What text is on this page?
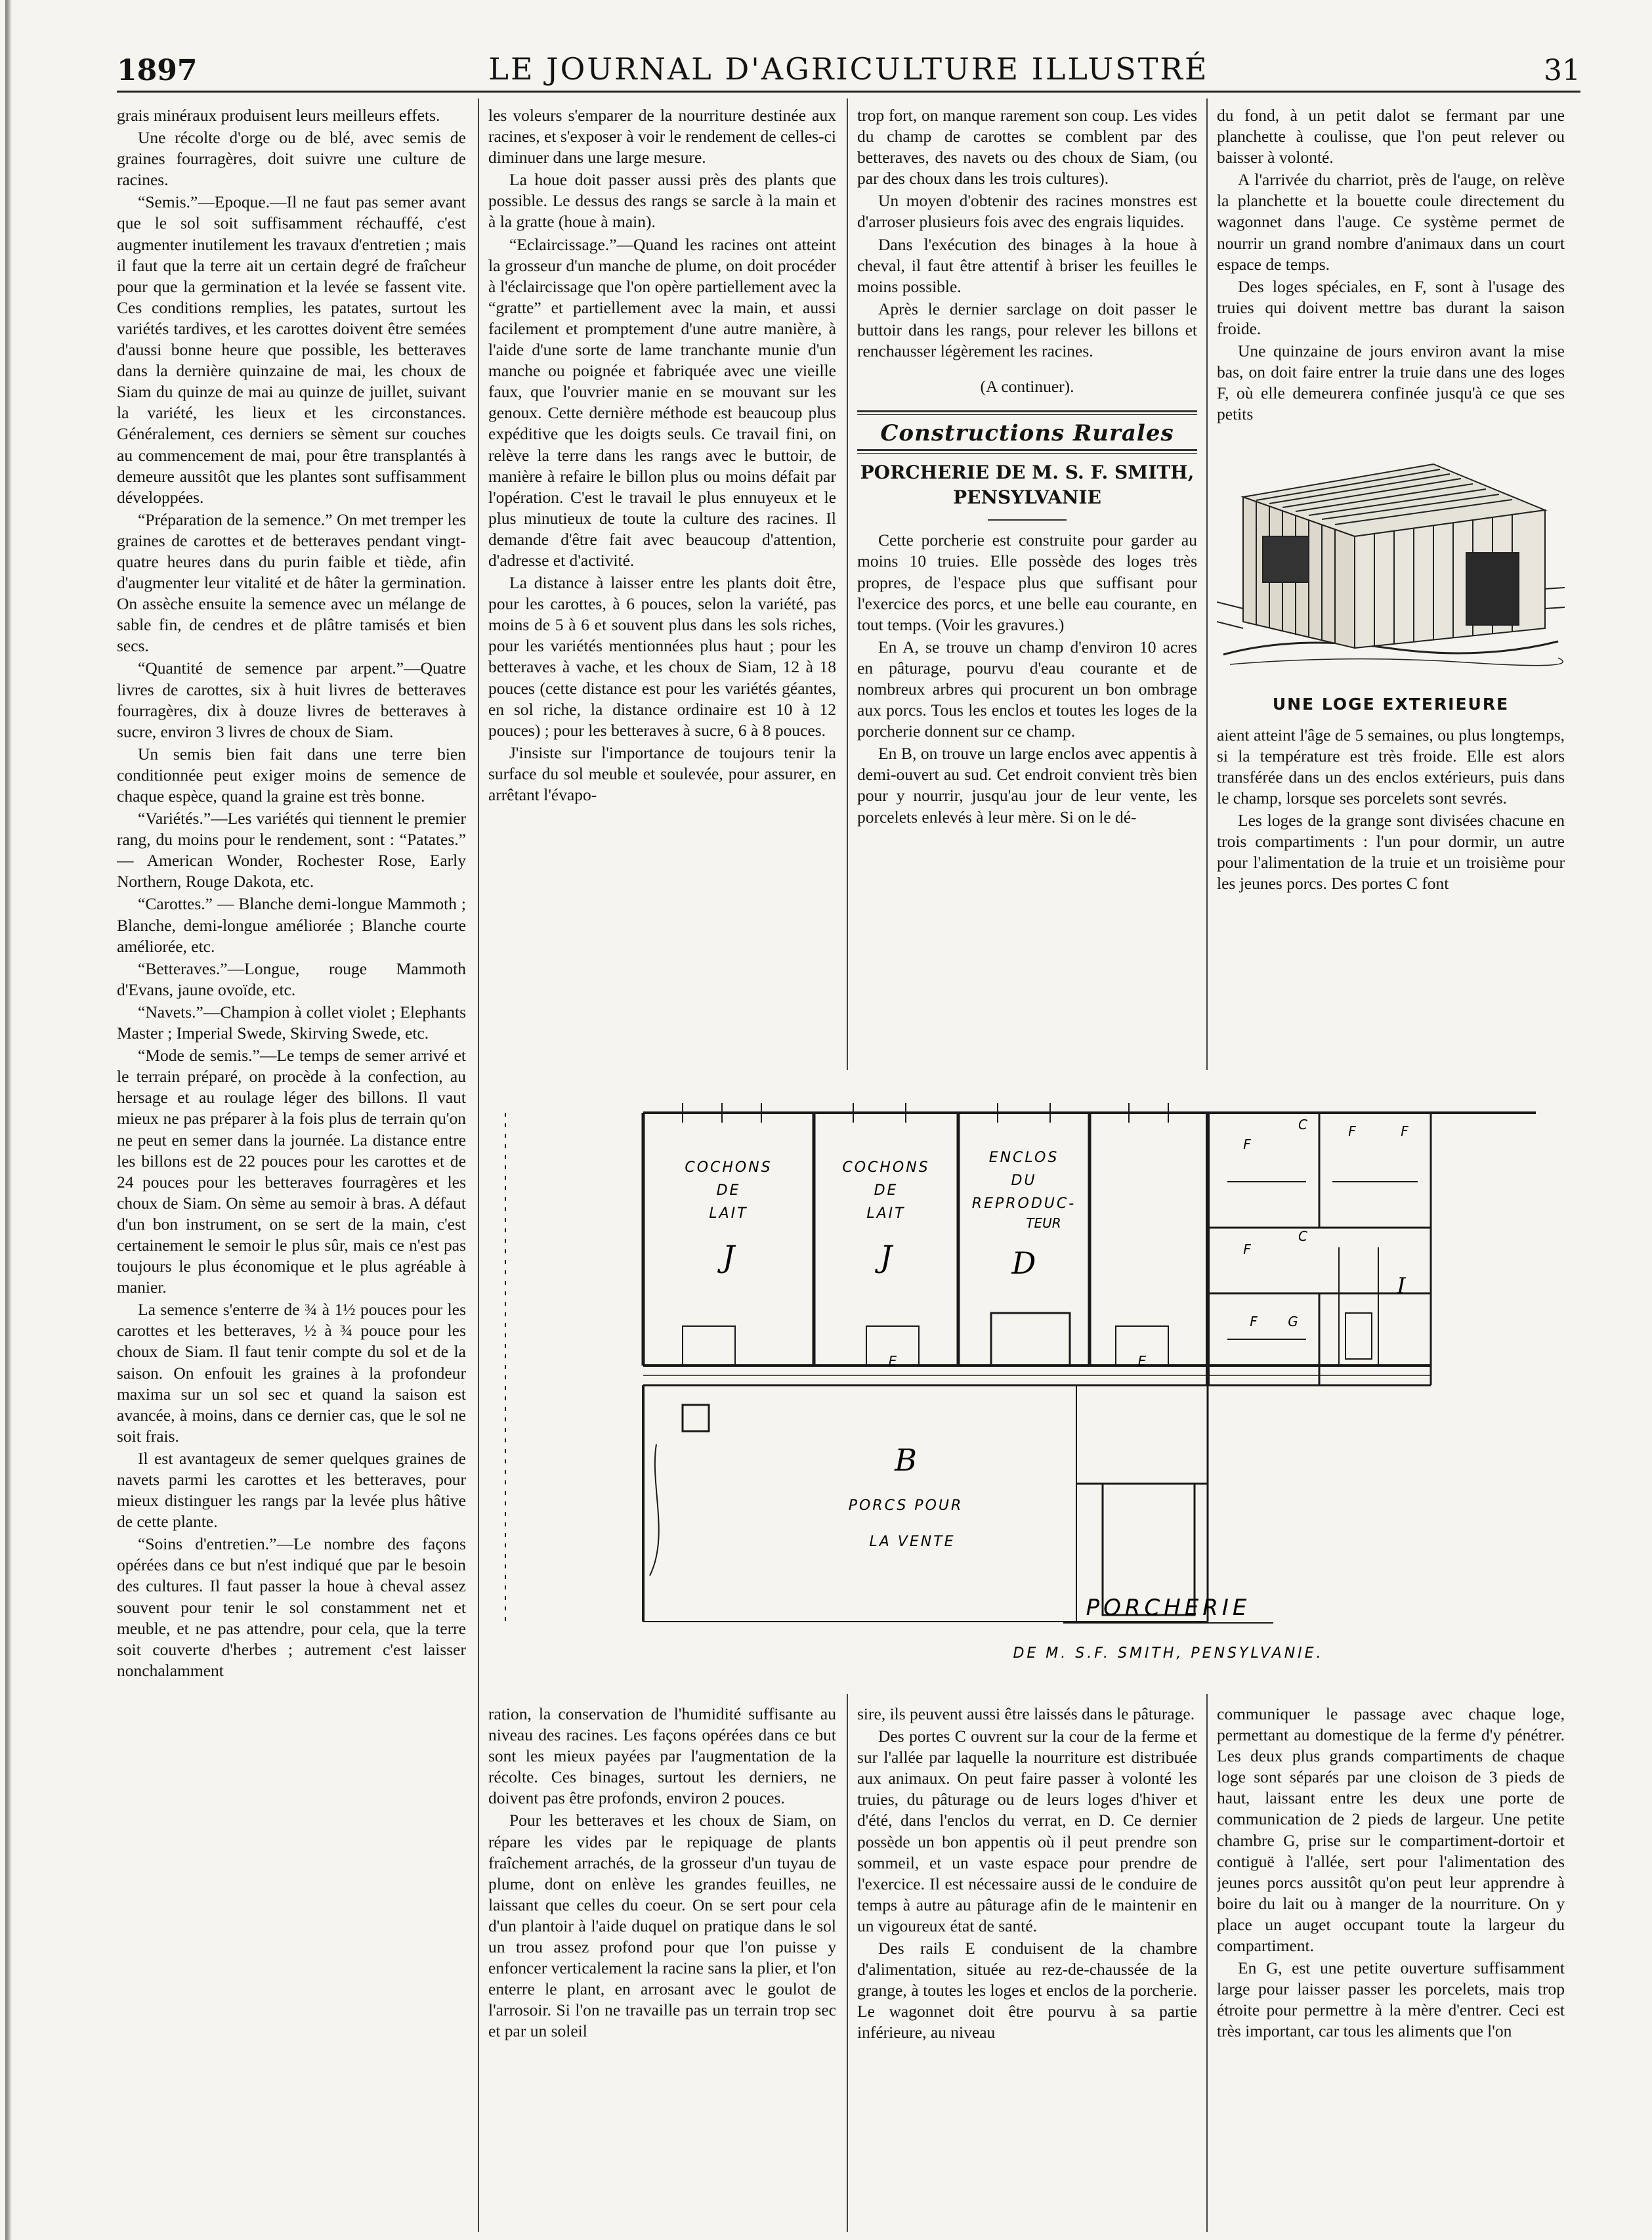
1897	LE JOURNAL D'AGRICULTURE ILLUSTRÉ	31

grais minéraux produisent leurs meilleurs effets.

Une récolte d'orge ou de blé, avec semis de graines fourragères, doit suivre une culture de racines.

“Semis.”—Epoque.—Il ne faut pas semer avant que le sol soit suffisamment réchauffé, c'est augmenter inutilement les travaux d'entretien ; mais il faut que la terre ait un certain degré de fraîcheur pour que la germination et la levée se fassent vite. Ces conditions remplies, les patates, surtout les variétés tardives, et les carottes doivent être semées d'aussi bonne heure que possible, les betteraves dans la dernière quinzaine de mai, les choux de Siam du quinze de mai au quinze de juillet, suivant la variété, les lieux et les circonstances. Généralement, ces derniers se sèment sur couches au commencement de mai, pour être transplantés à demeure aussitôt que les plantes sont suffisamment développées.

“Préparation de la semence.” On met tremper les graines de carottes et de betteraves pendant vingt-quatre heures dans du purin faible et tiède, afin d'augmenter leur vitalité et de hâter la germination. On assèche ensuite la semence avec un mélange de sable fin, de cendres et de plâtre tamisés et bien secs.

“Quantité de semence par arpent.”—Quatre livres de carottes, six à huit livres de betteraves fourragères, dix à douze livres de betteraves à sucre, environ 3 livres de choux de Siam.

Un semis bien fait dans une terre bien conditionnée peut exiger moins de semence de chaque espèce, quand la graine est très bonne.

“Variétés.”—Les variétés qui tiennent le premier rang, du moins pour le rendement, sont : “Patates.” — American Wonder, Rochester Rose, Early Northern, Rouge Dakota, etc.

“Carottes.” — Blanche demi-longue Mammoth ; Blanche, demi-longue améliorée ; Blanche courte améliorée, etc.

“Betteraves.”—Longue, rouge Mammoth d'Evans, jaune ovoïde, etc.

“Navets.”—Champion à collet violet ; Elephants Master ; Imperial Swede, Skirving Swede, etc.

“Mode de semis.”—Le temps de semer arrivé et le terrain préparé, on procède à la confection, au hersage et au roulage léger des billons. Il vaut mieux ne pas préparer à la fois plus de terrain qu'on ne peut en semer dans la journée. La distance entre les billons est de 22 pouces pour les carottes et de 24 pouces pour les betteraves fourragères et les choux de Siam. On sème au semoir à bras. A défaut d'un bon instrument, on se sert de la main, c'est certainement le semoir le plus sûr, mais ce n'est pas toujours le plus économique et le plus agréable à manier.

La semence s'enterre de ¾ à 1½ pouces pour les carottes et les betteraves, ½ à ¾ pouce pour les choux de Siam. Il faut tenir compte du sol et de la saison. On enfouit les graines à la profondeur maxima sur un sol sec et quand la saison est avancée, à moins, dans ce dernier cas, que le sol ne soit frais.

Il est avantageux de semer quelques graines de navets parmi les carottes et les betteraves, pour mieux distinguer les rangs par la levée plus hâtive de cette plante.

“Soins d'entretien.”—Le nombre des façons opérées dans ce but n'est indiqué que par le besoin des cultures. Il faut passer la houe à cheval assez souvent pour tenir le sol constamment net et meuble, et ne pas attendre, pour cela, que la terre soit couverte d'herbes ; autrement c'est laisser nonchalamment

les voleurs s'emparer de la nourriture destinée aux racines, et s'exposer à voir le rendement de celles-ci diminuer dans une large mesure.

La houe doit passer aussi près des plants que possible. Le dessus des rangs se sarcle à la main et à la gratte (houe à main).

“Eclaircissage.”—Quand les racines ont atteint la grosseur d'un manche de plume, on doit procéder à l'éclaircissage que l'on opère partiellement avec la “gratte” et partiellement avec la main, et aussi facilement et promptement d'une autre manière, à l'aide d'une sorte de lame tranchante munie d'un manche ou poignée et fabriquée avec une vieille faux, que l'ouvrier manie en se mouvant sur les genoux. Cette dernière méthode est beaucoup plus expéditive que les doigts seuls. Ce travail fini, on relève la terre dans les rangs avec le buttoir, de manière à refaire le billon plus ou moins défait par l'opération. C'est le travail le plus ennuyeux et le plus minutieux de toute la culture des racines. Il demande d'être fait avec beaucoup d'attention, d'adresse et d'activité.

La distance à laisser entre les plants doit être, pour les carottes, à 6 pouces, selon la variété, pas moins de 5 à 6 et souvent plus dans les sols riches, pour les variétés mentionnées plus haut ; pour les betteraves à vache, et les choux de Siam, 12 à 18 pouces (cette distance est pour les variétés géantes, en sol riche, la distance ordinaire est 10 à 12 pouces) ; pour les betteraves à sucre, 6 à 8 pouces.

J'insiste sur l'importance de toujours tenir la surface du sol meuble et soulevée, pour assurer, en arrêtant l'évapo-

trop fort, on manque rarement son coup. Les vides du champ de carottes se comblent par des betteraves, des navets ou des choux de Siam, (ou par des choux dans les trois cultures).

Un moyen d'obtenir des racines monstres est d'arroser plusieurs fois avec des engrais liquides.

Dans l'exécution des binages à la houe à cheval, il faut être attentif à briser les feuilles le moins possible.

Après le dernier sarclage on doit passer le buttoir dans les rangs, pour relever les billons et renchausser légèrement les racines.

(A continuer).

Constructions Rurales
PORCHERIE DE M. S. F. SMITH,
PENSYLVANIE

Cette porcherie est construite pour garder au moins 10 truies. Elle possède des loges très propres, de l'espace plus que suffisant pour l'exercice des porcs, et une belle eau courante, en tout temps. (Voir les gravures.)

En A, se trouve un champ d'environ 10 acres en pâturage, pourvu d'eau courante et de nombreux arbres qui procurent un bon ombrage aux porcs. Tous les enclos et toutes les loges de la porcherie donnent sur ce champ.

En B, on trouve un large enclos avec appentis à demi-ouvert au sud. Cet endroit convient très bien pour y nourrir, jusqu'au jour de leur vente, les porcelets enlevés à leur mère. Si on le dé-

du fond, à un petit dalot se fermant par une planchette à coulisse, que l'on peut relever ou baisser à volonté.

A l'arrivée du charriot, près de l'auge, on relève la planchette et la bouette coule directement du wagonnet dans l'auge. Ce système permet de nourrir un grand nombre d'animaux dans un court espace de temps.

Des loges spéciales, en F, sont à l'usage des truies qui doivent mettre bas durant la saison froide.

Une quinzaine de jours environ avant la mise bas, on doit faire entrer la truie dans une des loges F, où elle demeurera confinée jusqu'à ce que ses petits

UNE LOGE EXTERIEURE

aient atteint l'âge de 5 semaines, ou plus longtemps, si la température est très froide. Elle est alors transférée dans un des enclos extérieurs, puis dans le champ, lorsque ses porcelets sont sevrés.

Les loges de la grange sont divisées chacune en trois compartiments : l'un pour dormir, un autre pour l'alimentation de la truie et un troisième pour les jeunes porcs. Des portes C font

COCHONS
DE
LAIT
J
COCHONS
DE
LAIT
J
ENCLOS
DU
REPRODUC-
TEUR
D
B
PORCS POUR
LA VENTE
F
F	F
F
F G
I
E	E
C
C
PORCHERIE
DE M. S.F. SMITH, PENSYLVANIE.

ration, la conservation de l'humidité suffisante au niveau des racines. Les façons opérées dans ce but sont les mieux payées par l'augmentation de la récolte. Ces binages, surtout les derniers, ne doivent pas être profonds, environ 2 pouces.

Pour les betteraves et les choux de Siam, on répare les vides par le repiquage de plants fraîchement arrachés, de la grosseur d'un tuyau de plume, dont on enlève les grandes feuilles, ne laissant que celles du coeur. On se sert pour cela d'un plantoir à l'aide duquel on pratique dans le sol un trou assez profond pour que l'on puisse y enfoncer verticalement la racine sans la plier, et l'on enterre le plant, en arrosant avec le goulot de l'arrosoir. Si l'on ne travaille pas un terrain trop sec et par un soleil

sire, ils peuvent aussi être laissés dans le pâturage.

Des portes C ouvrent sur la cour de la ferme et sur l'allée par laquelle la nourriture est distribuée aux animaux. On peut faire passer à volonté les truies, du pâturage ou de leurs loges d'hiver et d'été, dans l'enclos du verrat, en D. Ce dernier possède un bon appentis où il peut prendre son sommeil, et un vaste espace pour prendre de l'exercice. Il est nécessaire aussi de le conduire de temps à autre au pâturage afin de le maintenir en un vigoureux état de santé.

Des rails E conduisent de la chambre d'alimentation, située au rez-de-chaussée de la grange, à toutes les loges et enclos de la porcherie. Le wagonnet doit être pourvu à sa partie inférieure, au niveau

communiquer le passage avec chaque loge, permettant au domestique de la ferme d'y pénétrer. Les deux plus grands compartiments de chaque loge sont séparés par une cloison de 3 pieds de haut, laissant entre les deux une porte de communication de 2 pieds de largeur. Une petite chambre G, prise sur le compartiment-dortoir et contiguë à l'allée, sert pour l'alimentation des jeunes porcs aussitôt qu'on peut leur apprendre à boire du lait ou à manger de la nourriture. On y place un auget occupant toute la largeur du compartiment.

En G, est une petite ouverture suffisamment large pour laisser passer les porcelets, mais trop étroite pour permettre à la mère d'entrer. Ceci est très important, car tous les aliments que l'on
